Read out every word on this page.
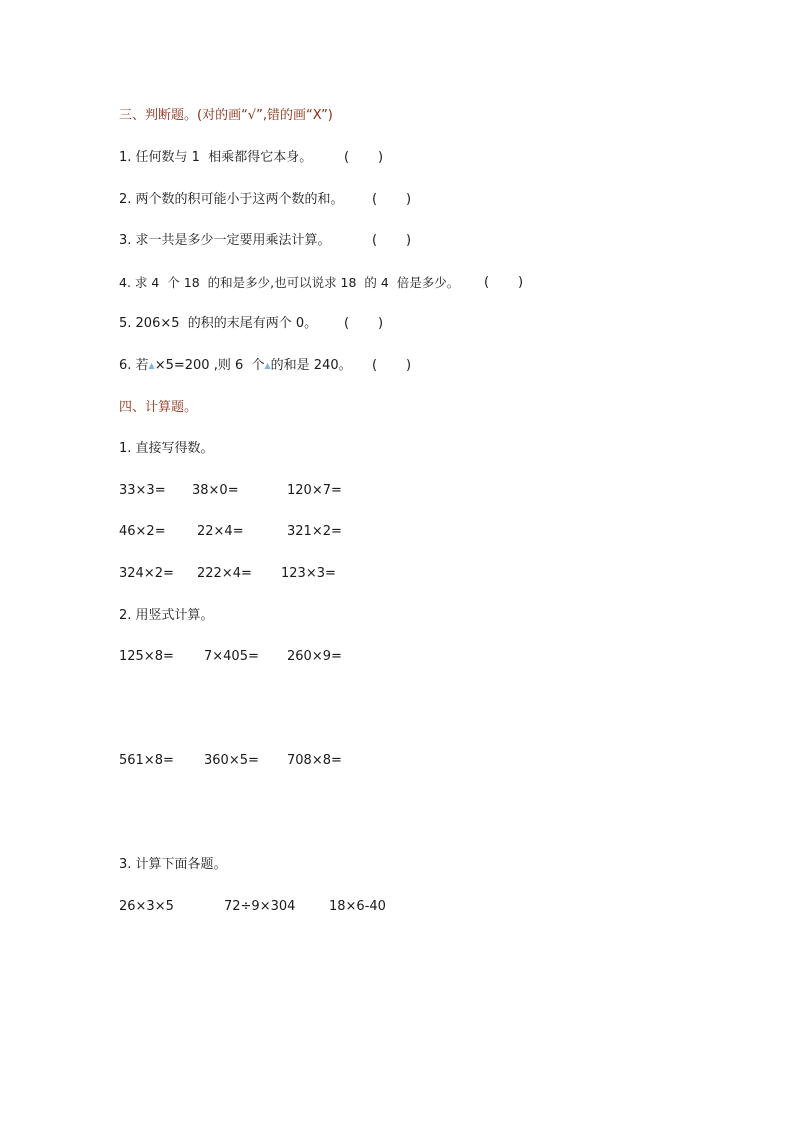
三、判断题。(对的画“√”,错的画“X”)
1. 任何数与 1  相乘都得它本身。 (       )
2. 两个数的积可能小于这两个数的和。 (       )
3. 求一共是多少一定要用乘法计算。	(       )
4. 求 4  个 18  的和是多少,也可以说求 18  的 4  倍是多少。 (       )
5. 206×5  的积的末尾有两个 0。 (       )
6. 若▲×5=200 ,则 6  个▲的和是 240。 (       )
四、计算题。
1. 直接写得数。
33×3= 38×0=	120×7=
46×2= 22×4=	321×2=
324×2= 222×4= 123×3=
2. 用竖式计算。
125×8= 7×405= 260×9=
561×8= 360×5= 708×8=
3. 计算下面各题。
26×3×5	72÷9×304	18×6-40
